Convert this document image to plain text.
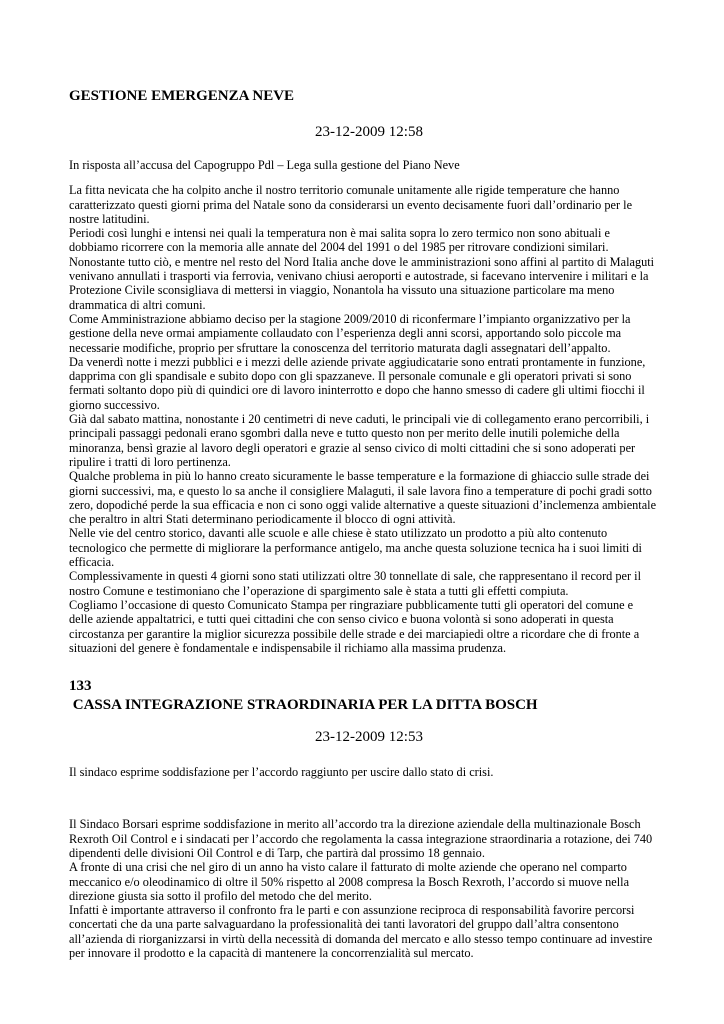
GESTIONE EMERGENZA NEVE

23-12-2009 12:58

In risposta all’accusa del Capogruppo Pdl – Lega sulla gestione del Piano Neve

La fitta nevicata che ha colpito anche il nostro territorio comunale unitamente alle rigide temperature che hanno caratterizzato questi giorni prima del Natale sono da considerarsi un evento decisamente fuori dall’ordinario per le nostre latitudini.

Periodi così lunghi e intensi nei quali la temperatura non è mai salita sopra lo zero termico non sono abituali e dobbiamo ricorrere con la memoria alle annate del 2004 del 1991 o del 1985 per ritrovare condizioni similari.

Nonostante tutto ciò, e mentre nel resto del Nord Italia anche dove le amministrazioni sono affini al partito di Malaguti venivano annullati i trasporti via ferrovia, venivano chiusi aeroporti e autostrade, si facevano intervenire i militari e la Protezione Civile sconsigliava di mettersi in viaggio, Nonantola ha vissuto una situazione particolare ma meno drammatica di altri comuni.

Come Amministrazione abbiamo deciso per la stagione 2009/2010 di riconfermare l’impianto organizzativo per la gestione della neve ormai ampiamente collaudato con l’esperienza degli anni scorsi, apportando solo piccole ma necessarie modifiche, proprio per sfruttare la conoscenza del territorio maturata dagli assegnatari dell’appalto.

Da venerdì notte i mezzi pubblici e i mezzi delle aziende private aggiudicatarie sono entrati prontamente in funzione, dapprima con gli spandisale e subito dopo con gli spazzaneve. Il personale comunale e gli operatori privati si sono fermati soltanto dopo più di quindici ore di lavoro ininterrotto e dopo che hanno smesso di cadere gli ultimi fiocchi il giorno successivo.

Già dal sabato mattina, nonostante i 20 centimetri di neve caduti, le principali vie di collegamento erano percorribili, i principali passaggi pedonali erano sgombri dalla neve e tutto questo non per merito delle inutili polemiche della minoranza, bensì grazie al lavoro degli operatori e grazie al senso civico di molti cittadini che si sono adoperati per ripulire i tratti di loro pertinenza.

Qualche problema in più lo hanno creato sicuramente le basse temperature e la formazione di ghiaccio sulle strade dei giorni successivi, ma, e questo lo sa anche il consigliere Malaguti, il sale lavora fino a temperature di pochi gradi sotto zero, dopodiché perde la sua efficacia e non ci sono oggi valide alternative a queste situazioni d’inclemenza ambientale che peraltro in altri Stati determinano periodicamente il blocco di ogni attività.

Nelle vie del centro storico, davanti alle scuole e alle chiese è stato utilizzato un prodotto a più alto contenuto tecnologico che permette di migliorare la performance antigelo, ma anche questa soluzione tecnica ha i suoi limiti di efficacia.

Complessivamente in questi 4 giorni sono stati utilizzati oltre 30 tonnellate di sale, che rappresentano il record per il nostro Comune e testimoniano che l’operazione di spargimento sale è stata a tutti gli effetti compiuta.

Cogliamo l’occasione di questo Comunicato Stampa per ringraziare pubblicamente tutti gli operatori del comune e delle aziende appaltatrici, e tutti quei cittadini che con senso civico e buona volontà si sono adoperati in questa circostanza per garantire la miglior sicurezza possibile delle strade e dei marciapiedi oltre a ricordare che di fronte a situazioni del genere è fondamentale e indispensabile il richiamo alla massima prudenza.

133

CASSA INTEGRAZIONE STRAORDINARIA PER LA DITTA BOSCH

23-12-2009 12:53

Il sindaco esprime soddisfazione per l’accordo raggiunto per uscire dallo stato di crisi.

Il Sindaco Borsari esprime soddisfazione in merito all’accordo tra la direzione aziendale della multinazionale Bosch Rexroth Oil Control e i sindacati per l’accordo che regolamenta la cassa integrazione straordinaria a rotazione, dei 740 dipendenti delle divisioni Oil Control e di Tarp, che partirà dal prossimo 18 gennaio.

A fronte di una crisi che nel giro di un anno ha visto calare il fatturato di molte aziende che operano nel comparto meccanico e/o oleodinamico di oltre il 50% rispetto al 2008 compresa la Bosch Rexroth, l’accordo si muove nella direzione giusta sia sotto il profilo del metodo che del merito.

Infatti è importante attraverso il confronto fra le parti e con assunzione reciproca di responsabilità favorire percorsi concertati che da una parte salvaguardano la professionalità dei tanti lavoratori del gruppo dall’altra consentono all’azienda di riorganizzarsi in virtù della necessità di domanda del mercato e allo stesso tempo continuare ad investire per innovare il prodotto e la capacità di mantenere la concorrenzialità sul mercato.
